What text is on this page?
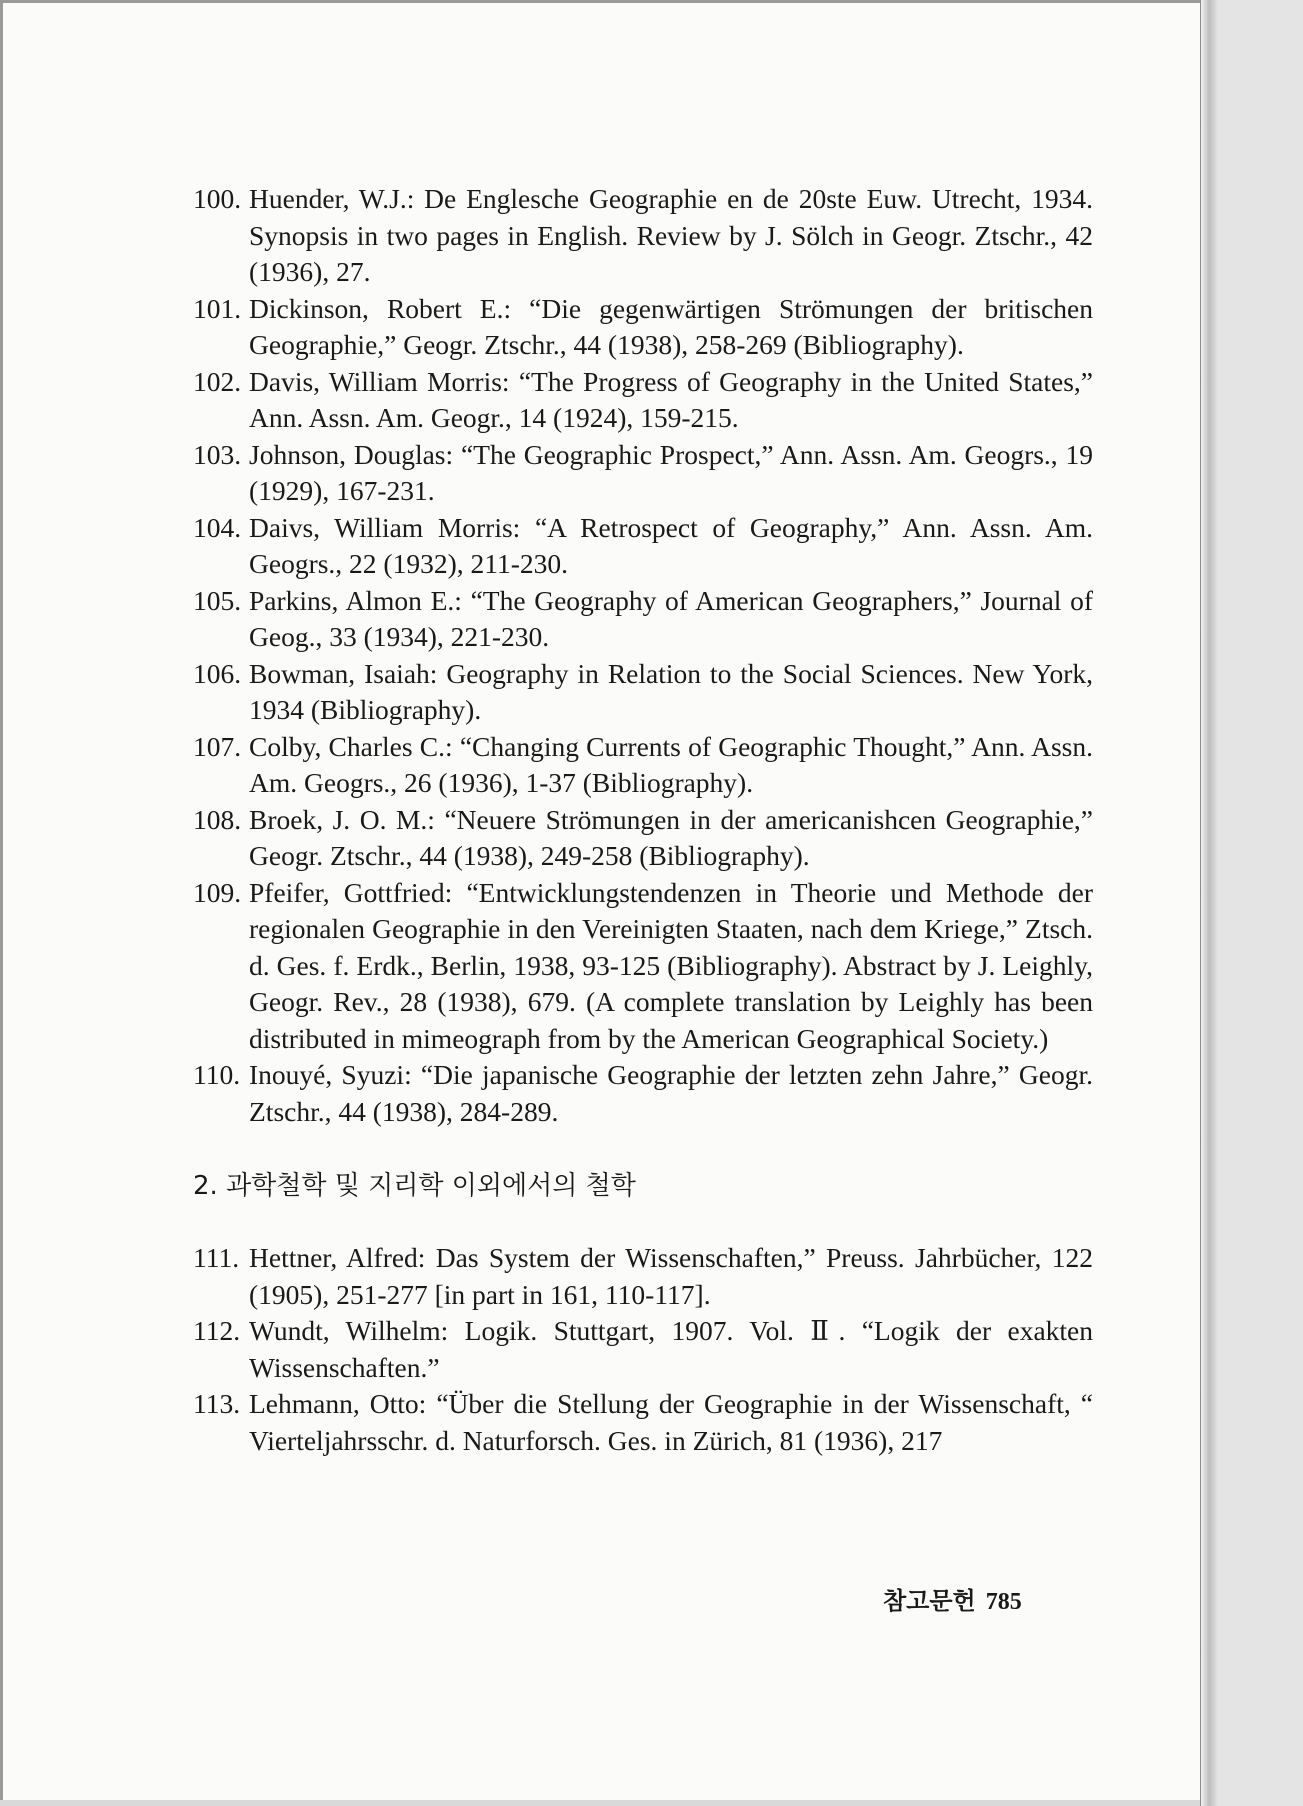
100. Huender, W.J.: De Englesche Geographie en de 20ste Euw. Utrecht, 1934. Synopsis in two pages in English. Review by J. Sölch in Geogr. Ztschr., 42 (1936), 27.
101. Dickinson, Robert E.: “Die gegenwärtigen Strömungen der britischen Geographie,” Geogr. Ztschr., 44 (1938), 258-269 (Bibliography).
102. Davis, William Morris: “The Progress of Geography in the United States,” Ann. Assn. Am. Geogr., 14 (1924), 159-215.
103. Johnson, Douglas: “The Geographic Prospect,” Ann. Assn. Am. Geogrs., 19 (1929), 167-231.
104. Daivs, William Morris: “A Retrospect of Geography,” Ann. Assn. Am. Geogrs., 22 (1932), 211-230.
105. Parkins, Almon E.: “The Geography of American Geographers,” Journal of Geog., 33 (1934), 221-230.
106. Bowman, Isaiah: Geography in Relation to the Social Sciences. New York, 1934 (Bibliography).
107. Colby, Charles C.: “Changing Currents of Geographic Thought,” Ann. Assn. Am. Geogrs., 26 (1936), 1-37 (Bibliography).
108. Broek, J. O. M.: “Neuere Strömungen in der americanishcen Geographie,” Geogr. Ztschr., 44 (1938), 249-258 (Bibliography).
109. Pfeifer, Gottfried: “Entwicklungstendenzen in Theorie und Methode der regionalen Geographie in den Vereinigten Staaten, nach dem Kriege,” Ztsch. d. Ges. f. Erdk., Berlin, 1938, 93-125 (Bibliography). Abstract by J. Leighly, Geogr. Rev., 28 (1938), 679. (A complete translation by Leighly has been distributed in mimeograph from by the American Geographical Society.)
110. Inouyé, Syuzi: “Die japanische Geographie der letzten zehn Jahre,” Geogr. Ztschr., 44 (1938), 284-289.
2. 과학철학 및 지리학 이외에서의 철학
111. Hettner, Alfred: Das System der Wissenschaften,” Preuss. Jahrbücher, 122 (1905), 251-277 [in part in 161, 110-117].
112. Wundt, Wilhelm: Logik. Stuttgart, 1907. Vol. Ⅱ. “Logik der exakten Wissenschaften.”
113. Lehmann, Otto: “Über die Stellung der Geographie in der Wissenschaft, “ Vierteljahrsschr. d. Naturforsch. Ges. in Zürich, 81 (1936), 217
참고문헌 785
